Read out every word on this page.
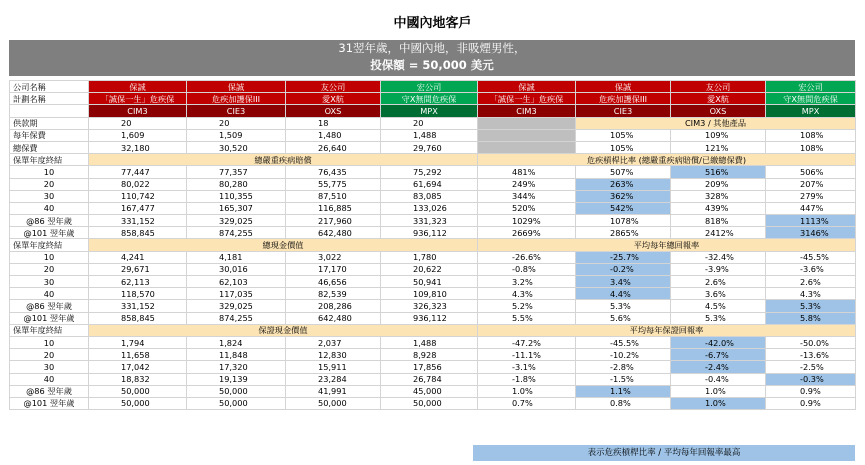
中國內地客戶
31翌年歲，中國內地，非吸煙男性，
投保額 = 50,000 美元
公司名稱	保誠	保誠	友公司	宏公司	保誠	保誠	友公司	宏公司
計劃名稱	「誠保一生」危疾保	危疾加護保III	愛X航	守X無間危疾保	「誠保一生」危疾保	危疾加護保III	愛X航	守X無間危疾保
	CIM3	CIE3	OXS	MPX	CIM3	CIE3	OXS	MPX
供款期	20	20	18	20		CIM3 / 其他產品		
每年保費	1,609	1,509	1,480	1,488		105%	109%	108%
總保費	32,180	30,520	26,640	29,760		105%	121%	108%
保單年度終結	總嚴重疾病賠償				危疾槓桿比率 (總嚴重疾病賠償/已繳總保費)			
10	77,447	77,357	76,435	75,292	481%	507%	516%	506%
20	80,022	80,280	55,775	61,694	249%	263%	209%	207%
30	110,742	110,355	87,510	83,085	344%	362%	328%	279%
40	167,477	165,307	116,885	133,026	520%	542%	439%	447%
@86 翌年歲	331,152	329,025	217,960	331,323	1029%	1078%	818%	1113%
@101 翌年歲	858,845	874,255	642,480	936,112	2669%	2865%	2412%	3146%
保單年度終結	總現金價值				平均每年總回報率			
10	4,241	4,181	3,022	1,780	-26.6%	-25.7%	-32.4%	-45.5%
20	29,671	30,016	17,170	20,622	-0.8%	-0.2%	-3.9%	-3.6%
30	62,113	62,103	46,656	50,941	3.2%	3.4%	2.6%	2.6%
40	118,570	117,035	82,539	109,810	4.3%	4.4%	3.6%	4.3%
@86 翌年歲	331,152	329,025	208,286	326,323	5.2%	5.3%	4.5%	5.3%
@101 翌年歲	858,845	874,255	642,480	936,112	5.5%	5.6%	5.3%	5.8%
保單年度終結	保證現金價值				平均每年保證回報率			
10	1,794	1,824	2,037	1,488	-47.2%	-45.5%	-42.0%	-50.0%
20	11,658	11,848	12,830	8,928	-11.1%	-10.2%	-6.7%	-13.6%
30	17,042	17,320	15,911	17,856	-3.1%	-2.8%	-2.4%	-2.5%
40	18,832	19,139	23,284	26,784	-1.8%	-1.5%	-0.4%	-0.3%
@86 翌年歲	50,000	50,000	41,991	45,000	1.0%	1.1%	1.0%	0.9%
@101 翌年歲	50,000	50,000	50,000	50,000	0.7%	0.8%	1.0%	0.9%
表示危疾槓桿比率 / 平均每年回報率最高
